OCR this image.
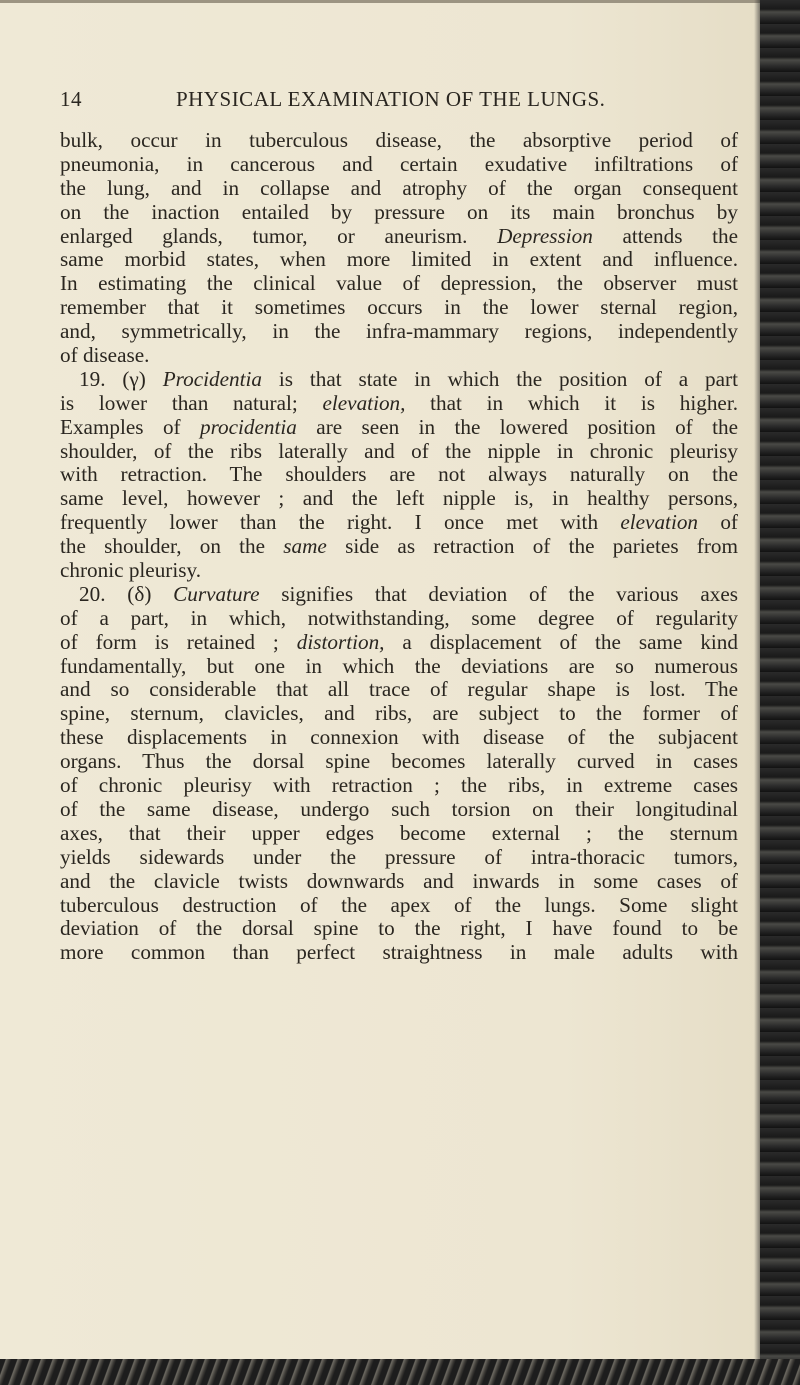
14	PHYSICAL EXAMINATION OF THE LUNGS.
bulk, occur in tuberculous disease, the absorptive period of
pneumonia, in cancerous and certain exudative infiltrations of
the lung, and in collapse and atrophy of the organ consequent
on the inaction entailed by pressure on its main bronchus by
enlarged glands, tumor, or aneurism. Depression attends the
same morbid states, when more limited in extent and influence.
In estimating the clinical value of depression, the observer must
remember that it sometimes occurs in the lower sternal region,
and, symmetrically, in the infra-mammary regions, independently
of disease.
19. (γ) Procidentia is that state in which the position of a part
is lower than natural; elevation, that in which it is higher.
Examples of procidentia are seen in the lowered position of the
shoulder, of the ribs laterally and of the nipple in chronic pleurisy
with retraction. The shoulders are not always naturally on the
same level, however ; and the left nipple is, in healthy persons,
frequently lower than the right. I once met with elevation of
the shoulder, on the same side as retraction of the parietes from
chronic pleurisy.
20. (δ) Curvature signifies that deviation of the various axes
of a part, in which, notwithstanding, some degree of regularity
of form is retained ; distortion, a displacement of the same kind
fundamentally, but one in which the deviations are so numerous
and so considerable that all trace of regular shape is lost. The
spine, sternum, clavicles, and ribs, are subject to the former of
these displacements in connexion with disease of the subjacent
organs. Thus the dorsal spine becomes laterally curved in cases
of chronic pleurisy with retraction ; the ribs, in extreme cases
of the same disease, undergo such torsion on their longitudinal
axes, that their upper edges become external ; the sternum
yields sidewards under the pressure of intra-thoracic tumors,
and the clavicle twists downwards and inwards in some cases of
tuberculous destruction of the apex of the lungs. Some slight
deviation of the dorsal spine to the right, I have found to be
more common than perfect straightness in male adults with
